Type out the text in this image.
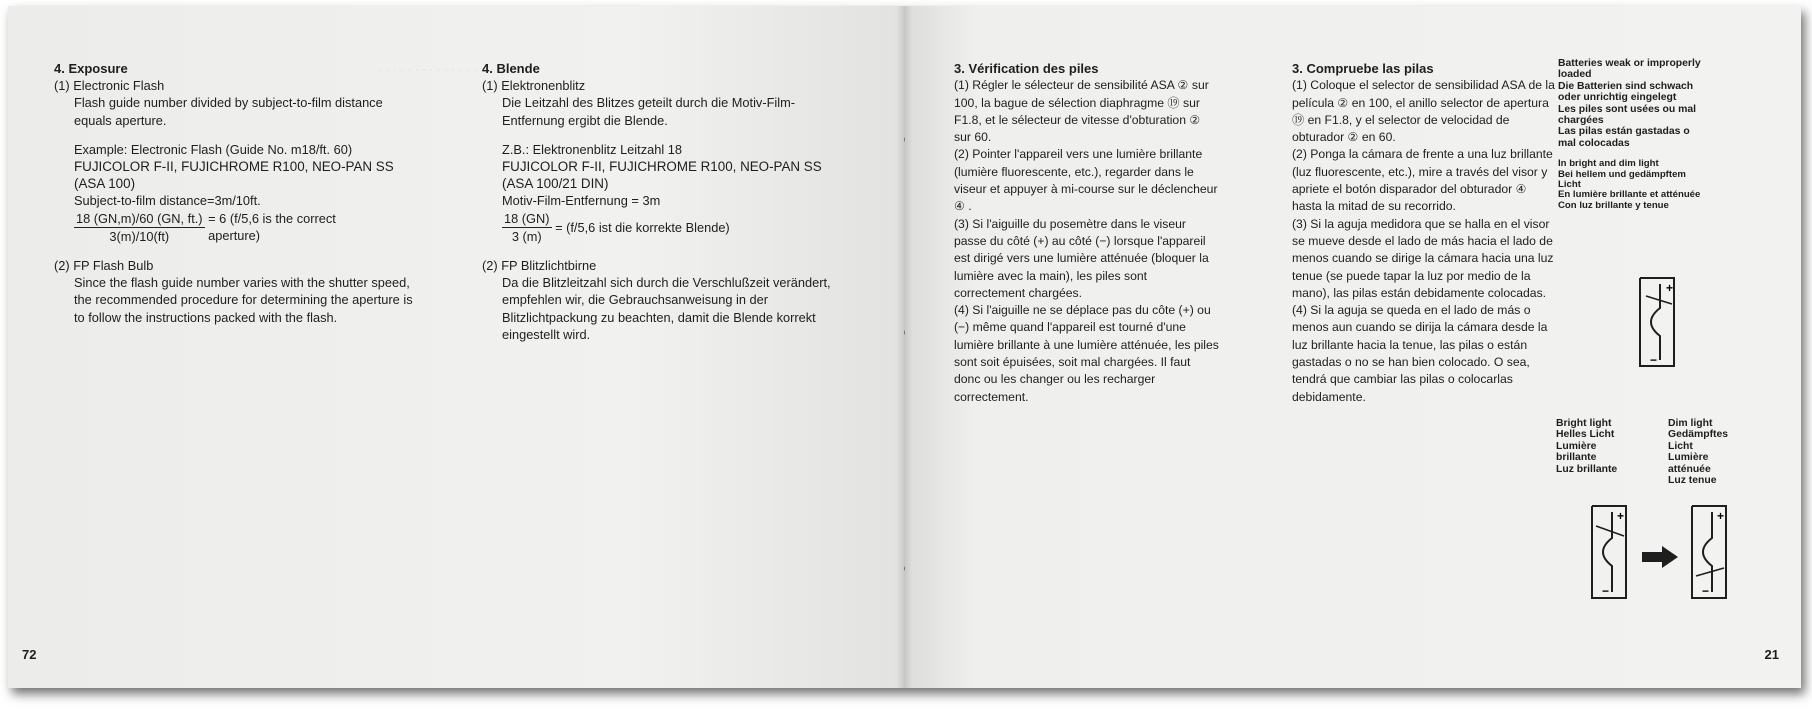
· · · · · · · · · · · · · ·
4. Exposure
(1) Electronic Flash
Flash guide number divided by subject-to-film distance equals aperture.
Example: Electronic Flash (Guide No. m18/ft. 60)
FUJICOLOR F-II, FUJICHROME R100, NEO-PAN SS (ASA 100)
Subject-to-film distance=3m/10ft.
$\frac{18 (GN,m)/60 (GN, ft.)}{3(m)/10(ft)} = 6$ (f/5,6 is the correct aperture)
(2) FP Flash Bulb
Since the flash guide number varies with the shutter speed, the recommended procedure for determining the aperture is to follow the instructions packed with the flash.
4. Blende
(1) Elektronenblitz
Die Leitzahl des Blitzes geteilt durch die Motiv-Film-Entfernung ergibt die Blende.
Z.B.: Elektronenblitz Leitzahl 18
FUJICOLOR F-II, FUJICHROME R100, NEO-PAN SS (ASA 100/21 DIN)
Motiv-Film-Entfernung = 3m
$\frac{18 (GN)}{3 (m)} = (f/5,6$ ist die korrekte Blende)
(2) FP Blitzlichtbirne
Da die Blitzleitzahl sich durch die Verschlußzeit verändert, empfehlen wir, die Gebrauchsanweisung in der Blitzlichtpackung zu beachten, damit die Blende korrekt eingestellt wird.
72
3. Vérification des piles
(1) Régler le sélecteur de sensibilité ASA ② sur 100, la bague de sélection diaphragme ⑲ sur F1.8, et le sélecteur de vitesse d'obturation ② sur 60.
(2) Pointer l'appareil vers une lumière brillante (lumière fluorescente, etc.), regarder dans le viseur et appuyer à mi-course sur le déclencheur ④ .
(3) Si l'aiguille du posemètre dans le viseur passe du côté (+) au côté (−) lorsque l'appareil est dirigé vers une lumière atténuée (bloquer la lumière avec la main), les piles sont correctement chargées.
(4) Si l'aiguille ne se déplace pas du côte (+) ou (−) même quand l'appareil est tourné d'une lumière brillante à une lumière atténuée, les piles sont soit épuisées, soit mal chargées. Il faut donc ou les changer ou les recharger correctement.
3. Compruebe las pilas
(1) Coloque el selector de sensibilidad ASA de la película ② en 100, el anillo selector de apertura ⑲ en F1.8, y el selector de velocidad de obturador ② en 60.
(2) Ponga la cámara de frente a una luz brillante (luz fluorescente, etc.), mire a través del visor y apriete el botón disparador del obturador ④ hasta la mitad de su recorrido.
(3) Si la aguja medidora que se halla en el visor se mueve desde el lado de más hacia el lado de menos cuando se dirige la cámara hacia una luz tenue (se puede tapar la luz por medio de la mano), las pilas están debidamente colocadas.
(4) Si la aguja se queda en el lado de más o menos aun cuando se dirija la cámara desde la luz brillante hacia la tenue, las pilas o están gastadas o no se han bien colocado. O sea, tendrá que cambiar las pilas o colocarlas debidamente.
Batteries weak or improperly loaded
Die Batterien sind schwach oder unrichtig eingelegt
Les piles sont usées ou mal chargées
Las pilas están gastadas o mal colocadas
In bright and dim light
Bei hellem und gedämpftem Licht
En lumière brillante et atténuée
Con luz brillante y tenue
+
−
Bright light
Helles Licht
Lumière brillante
Luz brillante
Dim light
Gedämpftes Licht
Lumière atténuée
Luz tenue
+
−
+
−
21
